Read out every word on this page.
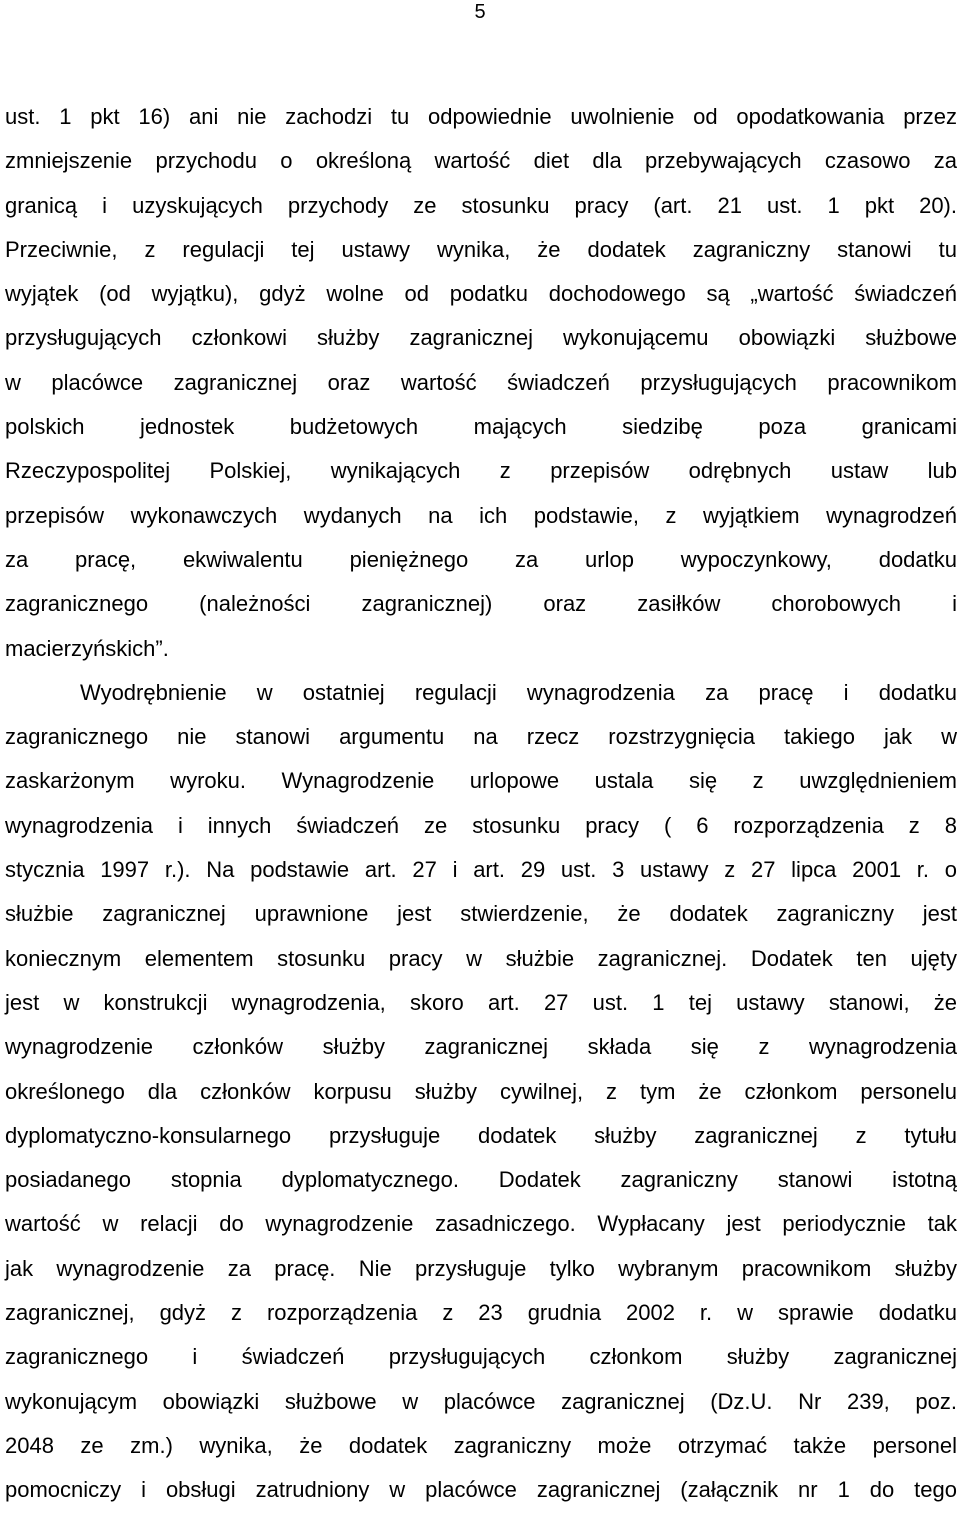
5
ust. 1 pkt 16) ani nie zachodzi tu odpowiednie uwolnienie od opodatkowania przez
zmniejszenie przychodu o określoną wartość diet dla przebywających czasowo za
granicą i uzyskujących przychody ze stosunku pracy (art. 21 ust. 1 pkt 20).
Przeciwnie, z regulacji tej ustawy wynika, że dodatek zagraniczny stanowi tu
wyjątek (od wyjątku), gdyż wolne od podatku dochodowego są „wartość świadczeń
przysługujących członkowi służby zagranicznej wykonującemu obowiązki służbowe
w placówce zagranicznej oraz wartość świadczeń przysługujących pracownikom
polskich jednostek budżetowych mających siedzibę poza granicami
Rzeczypospolitej Polskiej, wynikających z przepisów odrębnych ustaw lub
przepisów wykonawczych wydanych na ich podstawie, z wyjątkiem wynagrodzeń
za pracę, ekwiwalentu pieniężnego za urlop wypoczynkowy, dodatku
zagranicznego (należności zagranicznej) oraz zasiłków chorobowych i
macierzyńskich”.
Wyodrębnienie w ostatniej regulacji wynagrodzenia za pracę i dodatku
zagranicznego nie stanowi argumentu na rzecz rozstrzygnięcia takiego jak w
zaskarżonym wyroku. Wynagrodzenie urlopowe ustala się z uwzględnieniem
wynagrodzenia i innych świadczeń ze stosunku pracy ( 6 rozporządzenia z 8
stycznia 1997 r.). Na podstawie art. 27 i art. 29 ust. 3 ustawy z 27 lipca 2001 r. o
służbie zagranicznej uprawnione jest stwierdzenie, że dodatek zagraniczny jest
koniecznym elementem stosunku pracy w służbie zagranicznej. Dodatek ten ujęty
jest w konstrukcji wynagrodzenia, skoro art. 27 ust. 1 tej ustawy stanowi, że
wynagrodzenie członków służby zagranicznej składa się z wynagrodzenia
określonego dla członków korpusu służby cywilnej, z tym że członkom personelu
dyplomatyczno-konsularnego przysługuje dodatek służby zagranicznej z tytułu
posiadanego stopnia dyplomatycznego. Dodatek zagraniczny stanowi istotną
wartość w relacji do wynagrodzenie zasadniczego. Wypłacany jest periodycznie tak
jak wynagrodzenie za pracę. Nie przysługuje tylko wybranym pracownikom służby
zagranicznej, gdyż z rozporządzenia z 23 grudnia 2002 r. w sprawie dodatku
zagranicznego i świadczeń przysługujących członkom służby zagranicznej
wykonującym obowiązki służbowe w placówce zagranicznej (Dz.U. Nr 239, poz.
2048 ze zm.) wynika, że dodatek zagraniczny może otrzymać także personel
pomocniczy i obsługi zatrudniony w placówce zagranicznej (załącznik nr 1 do tego
